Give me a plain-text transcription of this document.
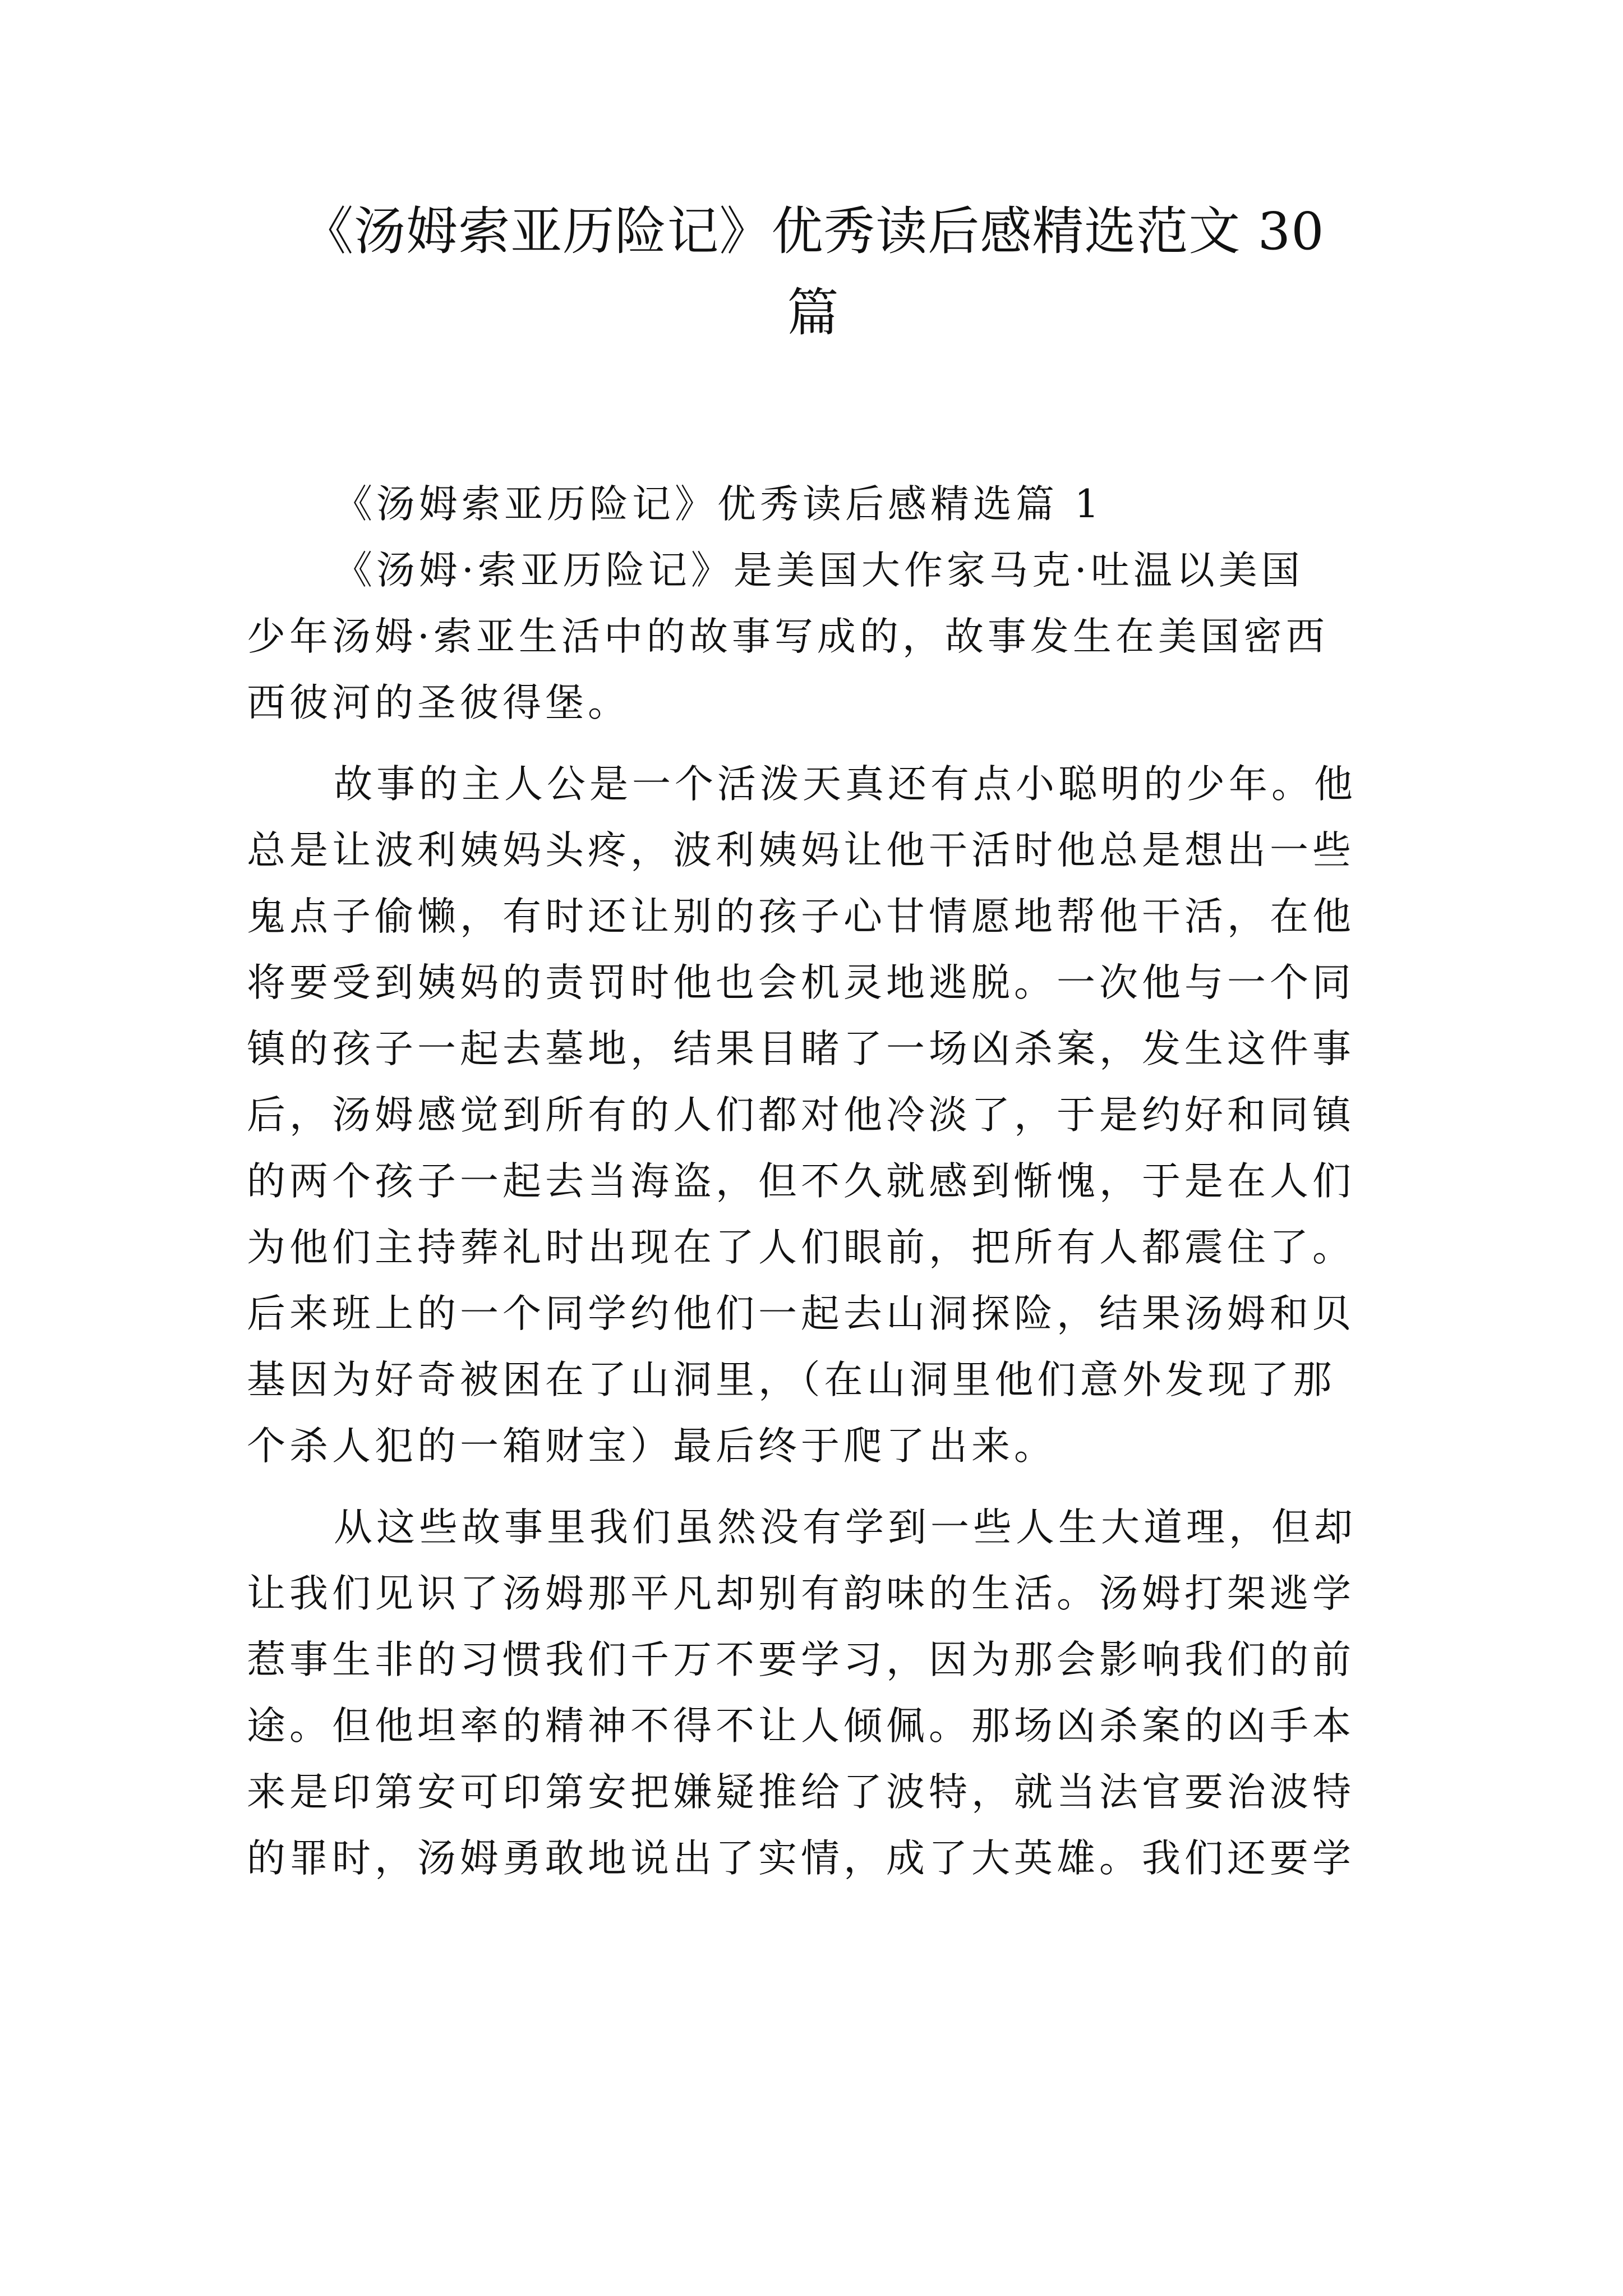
《汤姆索亚历险记》优秀读后感精选范文 30
篇
《汤姆索亚历险记》优秀读后感精选篇 1
《汤姆·索亚历险记》是美国大作家马克·吐温以美国
少年汤姆·索亚生活中的故事写成的，故事发生在美国密西
西彼河的圣彼得堡。
故事的主人公是一个活泼天真还有点小聪明的少年。他
总是让波利姨妈头疼，波利姨妈让他干活时他总是想出一些
鬼点子偷懒，有时还让别的孩子心甘情愿地帮他干活，在他
将要受到姨妈的责罚时他也会机灵地逃脱。一次他与一个同
镇的孩子一起去墓地，结果目睹了一场凶杀案，发生这件事
后，汤姆感觉到所有的人们都对他冷淡了，于是约好和同镇
的两个孩子一起去当海盗，但不久就感到惭愧，于是在人们
为他们主持葬礼时出现在了人们眼前，把所有人都震住了。
后来班上的一个同学约他们一起去山洞探险，结果汤姆和贝
基因为好奇被困在了山洞里，（在山洞里他们意外发现了那
个杀人犯的一箱财宝）最后终于爬了出来。
从这些故事里我们虽然没有学到一些人生大道理，但却
让我们见识了汤姆那平凡却别有韵味的生活。汤姆打架逃学
惹事生非的习惯我们千万不要学习，因为那会影响我们的前
途。但他坦率的精神不得不让人倾佩。那场凶杀案的凶手本
来是印第安可印第安把嫌疑推给了波特，就当法官要治波特
的罪时，汤姆勇敢地说出了实情，成了大英雄。我们还要学
